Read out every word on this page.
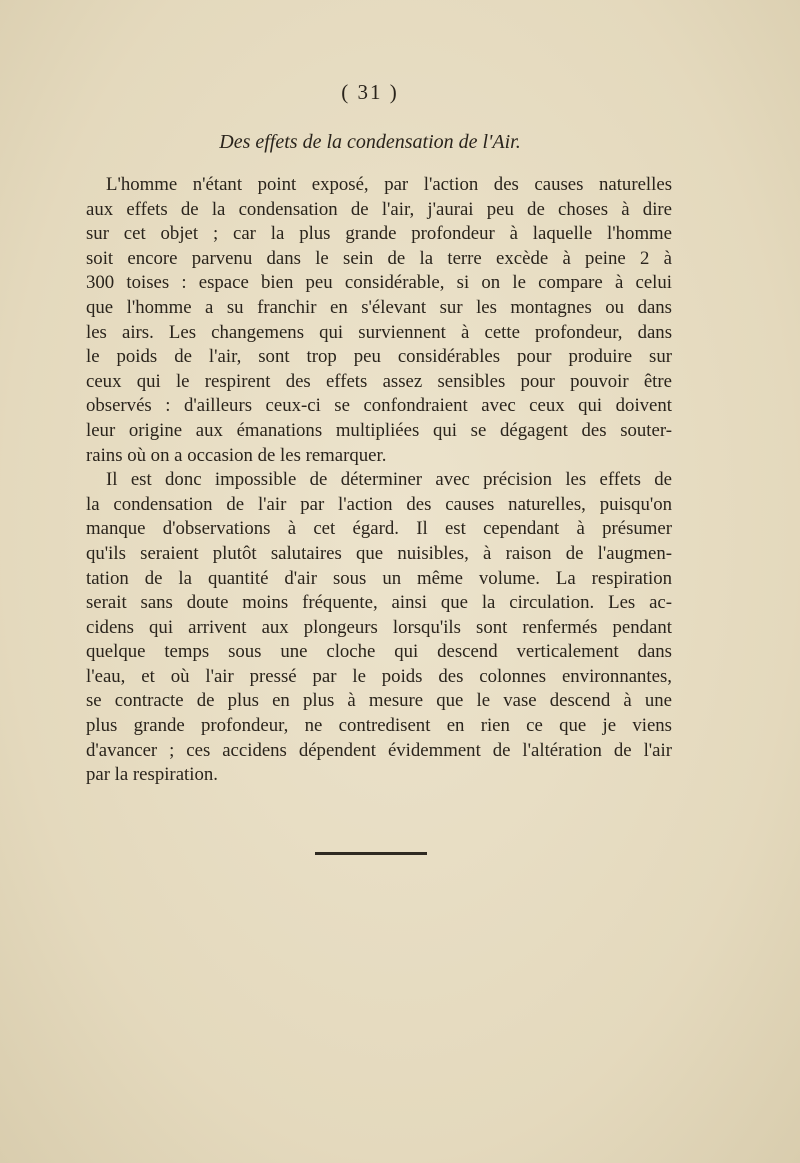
( 31 )
Des effets de la condensation de l'Air.
L'homme n'étant point exposé, par l'action des causes naturelles
aux effets de la condensation de l'air, j'aurai peu de choses à dire
sur cet objet ; car la plus grande profondeur à laquelle l'homme
soit encore parvenu dans le sein de la terre excède à peine 2 à
300 toises : espace bien peu considérable, si on le compare à celui
que l'homme a su franchir en s'élevant sur les montagnes ou dans
les airs. Les changemens qui surviennent à cette profondeur, dans
le poids de l'air, sont trop peu considérables pour produire sur
ceux qui le respirent des effets assez sensibles pour pouvoir être
observés : d'ailleurs ceux-ci se confondraient avec ceux qui doivent
leur origine aux émanations multipliées qui se dégagent des souter-
rains où on a occasion de les remarquer.
Il est donc impossible de déterminer avec précision les effets de
la condensation de l'air par l'action des causes naturelles, puisqu'on
manque d'observations à cet égard. Il est cependant à présumer
qu'ils seraient plutôt salutaires que nuisibles, à raison de l'augmen-
tation de la quantité d'air sous un même volume. La respiration
serait sans doute moins fréquente, ainsi que la circulation. Les ac-
cidens qui arrivent aux plongeurs lorsqu'ils sont renfermés pendant
quelque temps sous une cloche qui descend verticalement dans
l'eau, et où l'air pressé par le poids des colonnes environnantes,
se contracte de plus en plus à mesure que le vase descend à une
plus grande profondeur, ne contredisent en rien ce que je viens
d'avancer ; ces accidens dépendent évidemment de l'altération de l'air
par la respiration.
